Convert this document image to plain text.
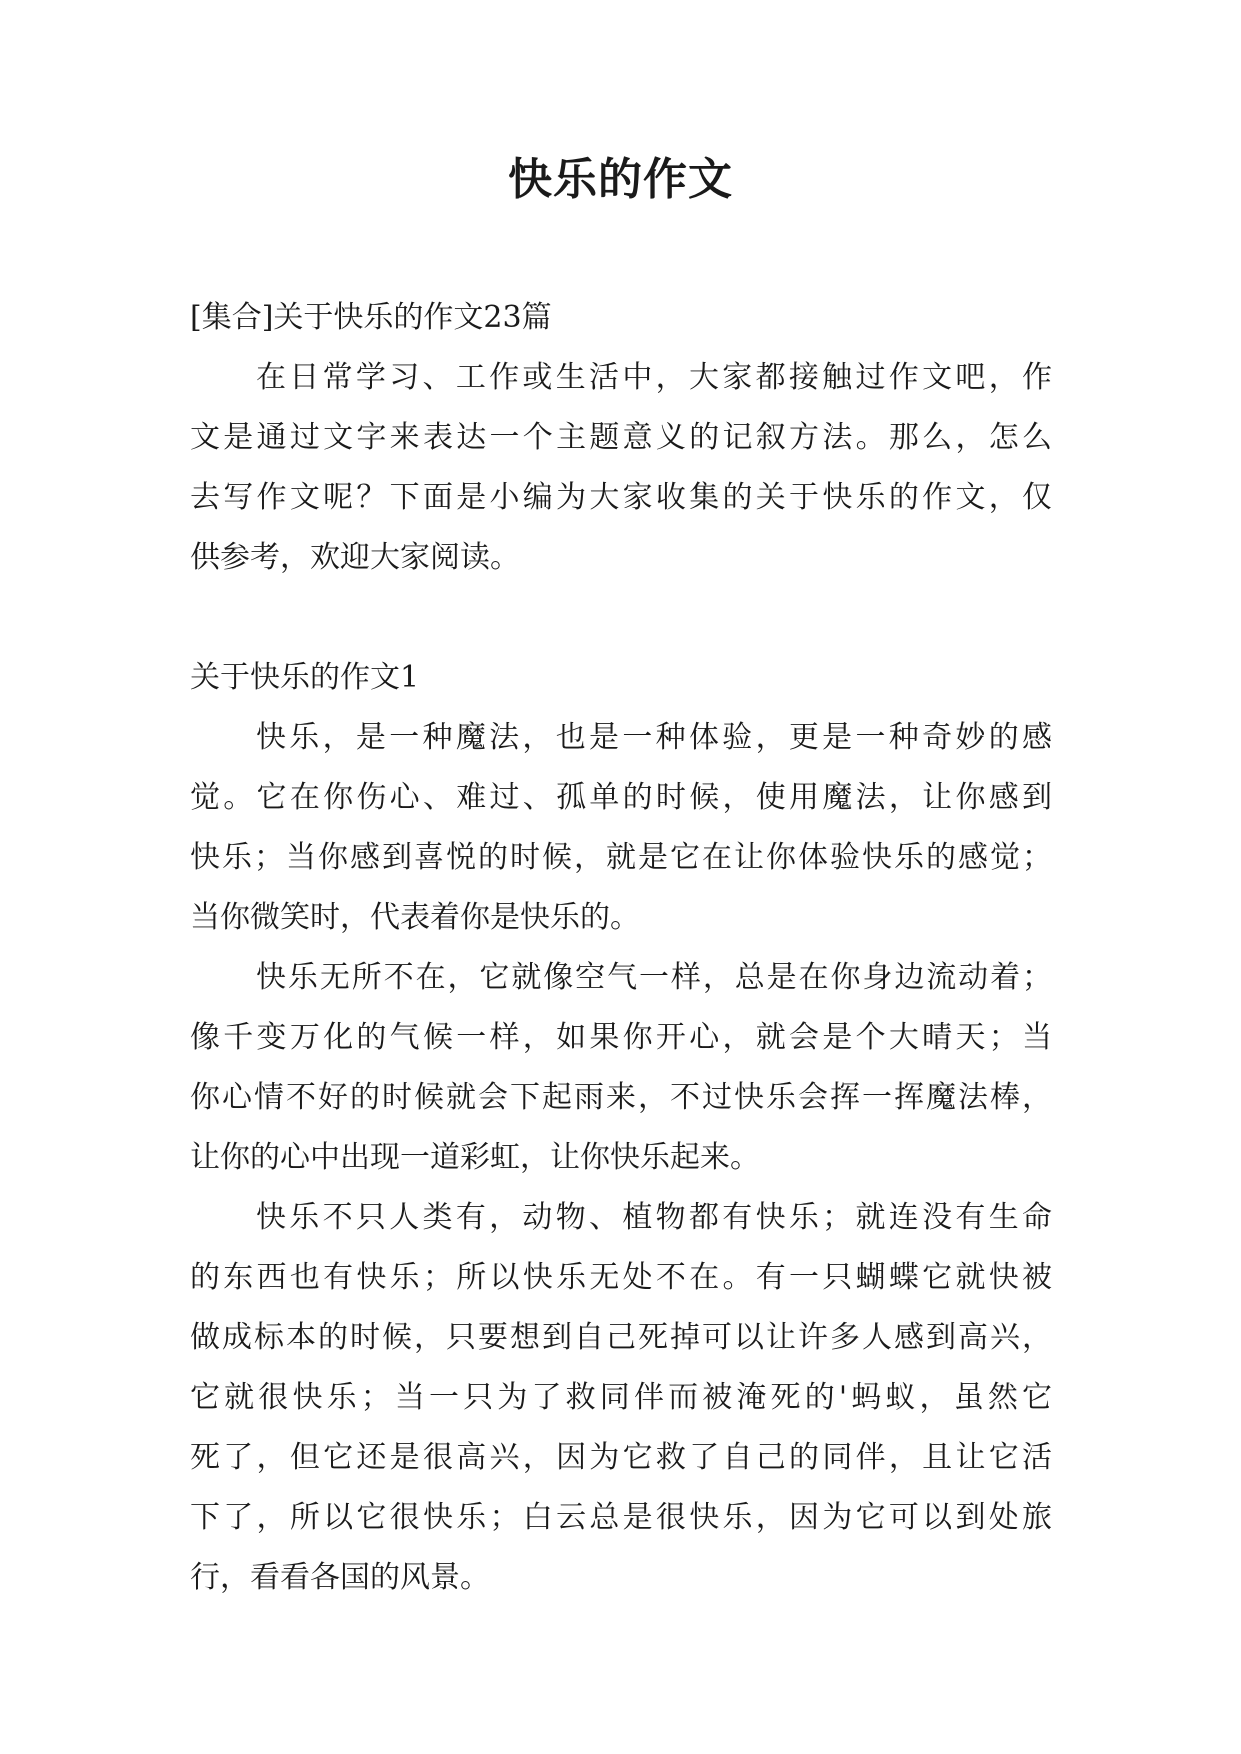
快乐的作文
[集合]关于快乐的作文23篇
在日常学习、工作或生活中，大家都接触过作文吧，作
文是通过文字来表达一个主题意义的记叙方法。那么，怎么
去写作文呢？下面是小编为大家收集的关于快乐的作文，仅
供参考，欢迎大家阅读。
关于快乐的作文1
快乐，是一种魔法，也是一种体验，更是一种奇妙的感
觉。它在你伤心、难过、孤单的时候，使用魔法，让你感到
快乐；当你感到喜悦的时候，就是它在让你体验快乐的感觉；
当你微笑时，代表着你是快乐的。
快乐无所不在，它就像空气一样，总是在你身边流动着；
像千变万化的气候一样，如果你开心，就会是个大晴天；当
你心情不好的时候就会下起雨来，不过快乐会挥一挥魔法棒，
让你的心中出现一道彩虹，让你快乐起来。
快乐不只人类有，动物、植物都有快乐；就连没有生命
的东西也有快乐；所以快乐无处不在。有一只蝴蝶它就快被
做成标本的时候，只要想到自己死掉可以让许多人感到高兴，
它就很快乐；当一只为了救同伴而被淹死的'蚂蚁，虽然它
死了，但它还是很高兴，因为它救了自己的同伴，且让它活
下了，所以它很快乐；白云总是很快乐，因为它可以到处旅
行，看看各国的风景。
